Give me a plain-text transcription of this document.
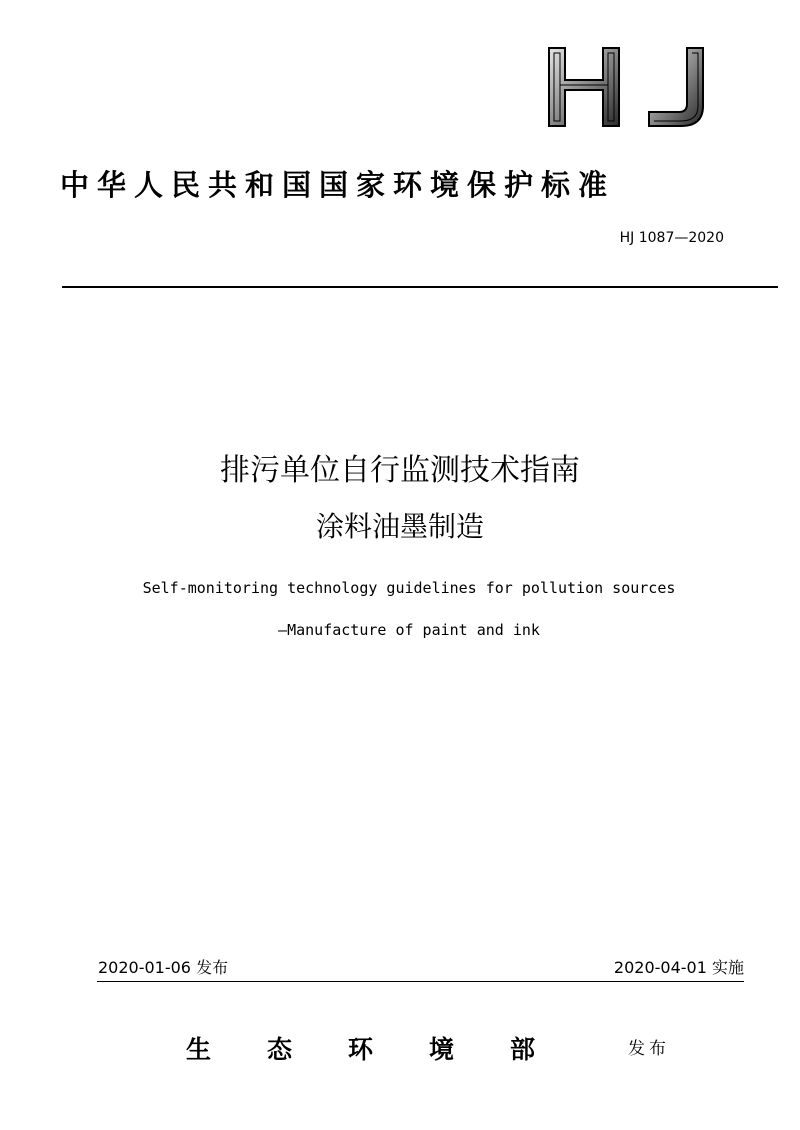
中华人民共和国国家环境保护标准
HJ 1087—2020
排污单位自行监测技术指南
涂料油墨制造
Self-monitoring technology guidelines for pollution sources
—Manufacture of paint and ink
2020-01-06 发布	2020-04-01 实施
生态环境部	发布
